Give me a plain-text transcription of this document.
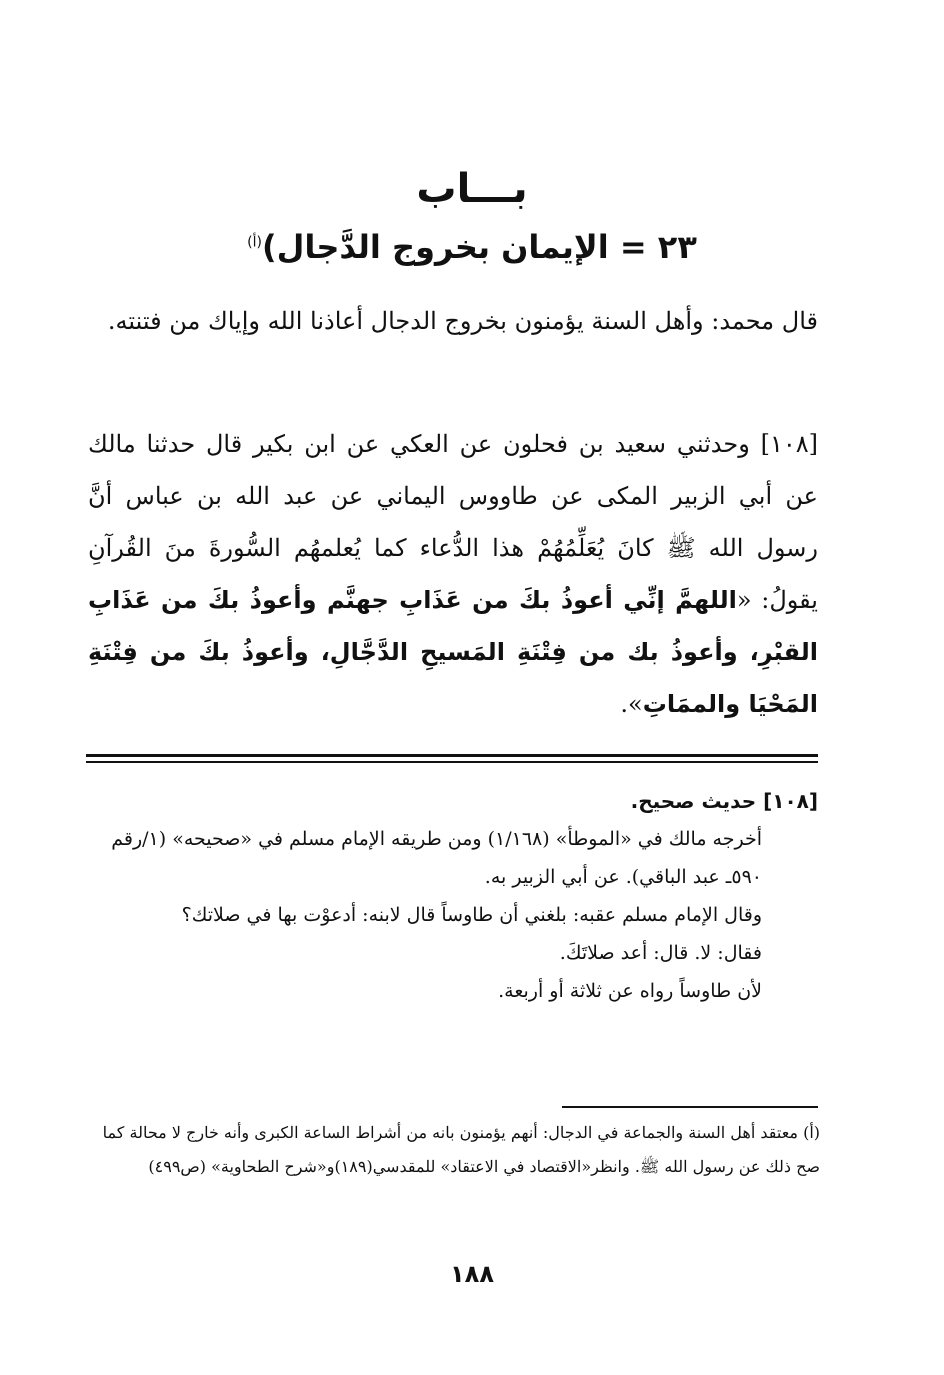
بـــاب
٢٣ = الإيمان بخروج الدَّجال)$^{(أ)}$
قال محمد: وأهل السنة يؤمنون بخروج الدجال أعاذنا الله وإياك من فتنته.
[١٠٨] وحدثني سعيد بن فحلون عن العكي عن ابن بكير قال حدثنا مالك عن أبي الزبير المكى عن طاووس اليماني عن عبد الله بن عباس أنَّ رسول الله ﷺ كانَ يُعَلِّمُهُمْ هذا الدُّعاء كما يُعلمهُم السُّورةَ منَ القُرآنِ يقولُ: «اللهمَّ إنِّي أعوذُ بكَ من عَذَابِ جهنَّم وأعوذُ بكَ من عَذَابِ القبْرِ، وأعوذُ بك من فِتْنَةِ المَسيحِ الدَّجَّالِ، وأعوذُ بكَ من فِتْنَةِ المَحْيَا والممَاتِ».
[١٠٨] حديث صحيح.
أخرجه مالك في «الموطأ» (١/١٦٨) ومن طريقه الإمام مسلم في «صحيحه» (١/رقم ٥٩٠ـ عبد الباقي). عن أبي الزبير به.
وقال الإمام مسلم عقبه: بلغني أن طاوساً قال لابنه: أدعوْت بها في صلاتك؟
فقال: لا. قال: أعد صلاتَكَ.
لأن طاوساً رواه عن ثلاثة أو أربعة.
(أ) معتقد أهل السنة والجماعة في الدجال: أنهم يؤمنون بانه من أشراط الساعة الكبرى وأنه خارج لا محالة كما صح ذلك عن رسول الله ﷺ. وانظر«الاقتصاد في الاعتقاد» للمقدسي(١٨٩)و«شرح الطحاوية» (ص٤٩٩)
١٨٨
